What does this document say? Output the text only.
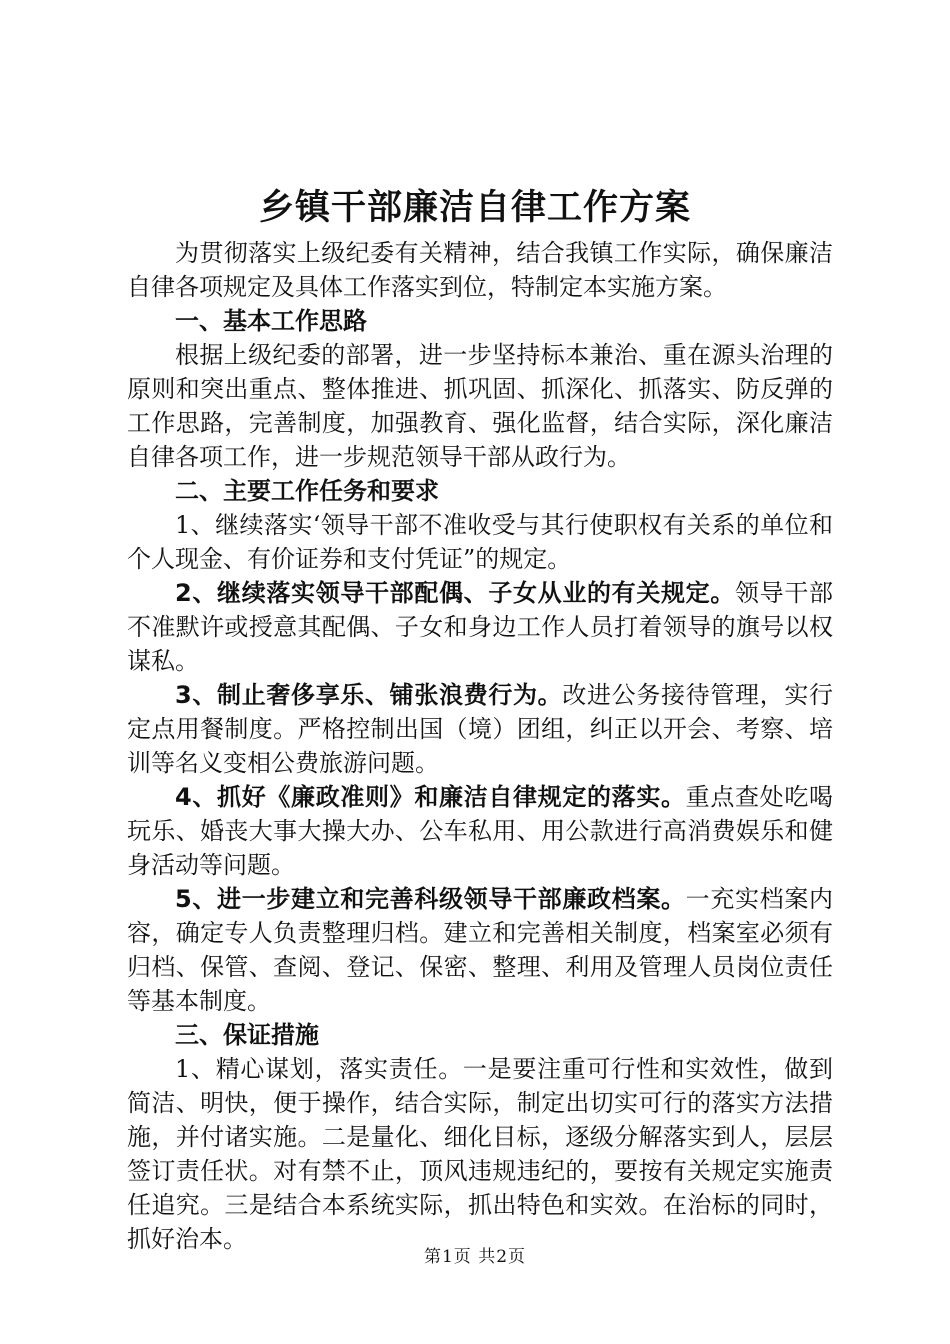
乡镇干部廉洁自律工作方案

为贯彻落实上级纪委有关精神，结合我镇工作实际，确保廉洁自律各项规定及具体工作落实到位，特制定本实施方案。

一、基本工作思路

根据上级纪委的部署，进一步坚持标本兼治、重在源头治理的原则和突出重点、整体推进、抓巩固、抓深化、抓落实、防反弹的工作思路，完善制度，加强教育、强化监督，结合实际，深化廉洁自律各项工作，进一步规范领导干部从政行为。

二、主要工作任务和要求

1、继续落实‘领导干部不准收受与其行使职权有关系的单位和个人现金、有价证券和支付凭证”的规定。

2、继续落实领导干部配偶、子女从业的有关规定。领导干部不准默许或授意其配偶、子女和身边工作人员打着领导的旗号以权谋私。

3、制止奢侈享乐、铺张浪费行为。改进公务接待管理，实行定点用餐制度。严格控制出国（境）团组，纠正以开会、考察、培训等名义变相公费旅游问题。

4、抓好《廉政准则》和廉洁自律规定的落实。重点查处吃喝玩乐、婚丧大事大操大办、公车私用、用公款进行高消费娱乐和健身活动等问题。

5、进一步建立和完善科级领导干部廉政档案。一充实档案内容，确定专人负责整理归档。建立和完善相关制度，档案室必须有归档、保管、查阅、登记、保密、整理、利用及管理人员岗位责任等基本制度。

三、保证措施

1、精心谋划，落实责任。一是要注重可行性和实效性，做到简洁、明快，便于操作，结合实际，制定出切实可行的落实方法措施，并付诸实施。二是量化、细化目标，逐级分解落实到人，层层签订责任状。对有禁不止，顶风违规违纪的，要按有关规定实施责任追究。三是结合本系统实际，抓出特色和实效。在治标的同时，抓好治本。

第1页 共2页
